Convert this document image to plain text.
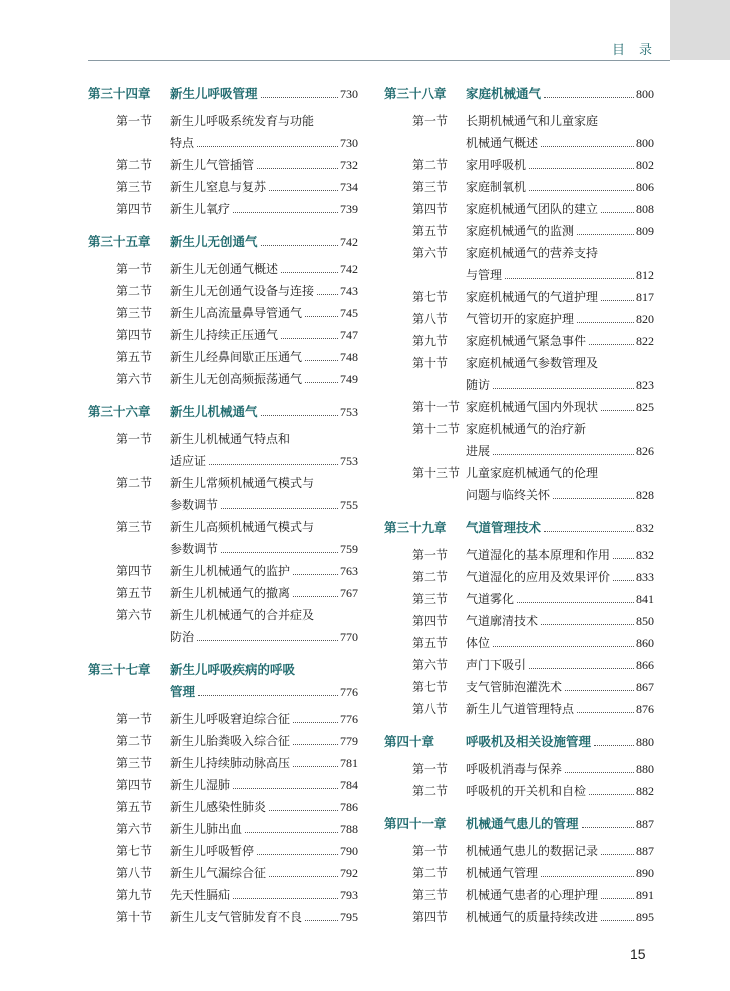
目录
第三十四章	新生儿呼吸管理	730
第一节	新生儿呼吸系统发育与功能
特点	730
第二节	新生儿气管插管	732
第三节	新生儿窒息与复苏	734
第四节	新生儿氧疗	739
第三十五章	新生儿无创通气	742
第一节	新生儿无创通气概述	742
第二节	新生儿无创通气设备与连接 743
第三节	新生儿高流量鼻导管通气	745
第四节	新生儿持续正压通气	747
第五节	新生儿经鼻间歇正压通气	748
第六节	新生儿无创高频振荡通气	749
第三十六章	新生儿机械通气	753
第一节	新生儿机械通气特点和
适应证	753
第二节	新生儿常频机械通气模式与
参数调节	755
第三节	新生儿高频机械通气模式与
参数调节	759
第四节	新生儿机械通气的监护	763
第五节	新生儿机械通气的撤离	767
第六节	新生儿机械通气的合并症及
防治	770
第三十七章	新生儿呼吸疾病的呼吸
管理	776
第一节	新生儿呼吸窘迫综合征	776
第二节	新生儿胎粪吸入综合征	779
第三节	新生儿持续肺动脉高压	781
第四节	新生儿湿肺	784
第五节	新生儿感染性肺炎	786
第六节	新生儿肺出血	788
第七节	新生儿呼吸暂停	790
第八节	新生儿气漏综合征	792
第九节	先天性膈疝	793
第十节	新生儿支气管肺发育不良	795
第三十八章	家庭机械通气	800
第一节	长期机械通气和儿童家庭
机械通气概述	800
第二节	家用呼吸机	802
第三节	家庭制氧机	806
第四节	家庭机械通气团队的建立	808
第五节	家庭机械通气的监测	809
第六节	家庭机械通气的营养支持
与管理	812
第七节	家庭机械通气的气道护理	817
第八节	气管切开的家庭护理	820
第九节	家庭机械通气紧急事件	822
第十节	家庭机械通气参数管理及
随访	823
第十一节 家庭机械通气国内外现状	825
第十二节 家庭机械通气的治疗新
进展	826
第十三节 儿童家庭机械通气的伦理
问题与临终关怀	828
第三十九章	气道管理技术	832
第一节	气道湿化的基本原理和作用 832
第二节	气道湿化的应用及效果评价 833
第三节	气道雾化	841
第四节	气道廓清技术	850
第五节	体位	860
第六节	声门下吸引	866
第七节	支气管肺泡灌洗术	867
第八节	新生儿气道管理特点	876
第四十章	呼吸机及相关设施管理	880
第一节	呼吸机消毒与保养	880
第二节	呼吸机的开关机和自检	882
第四十一章	机械通气患儿的管理	887
第一节	机械通气患儿的数据记录	887
第二节	机械通气管理	890
第三节	机械通气患者的心理护理	891
第四节	机械通气的质量持续改进	895
15
